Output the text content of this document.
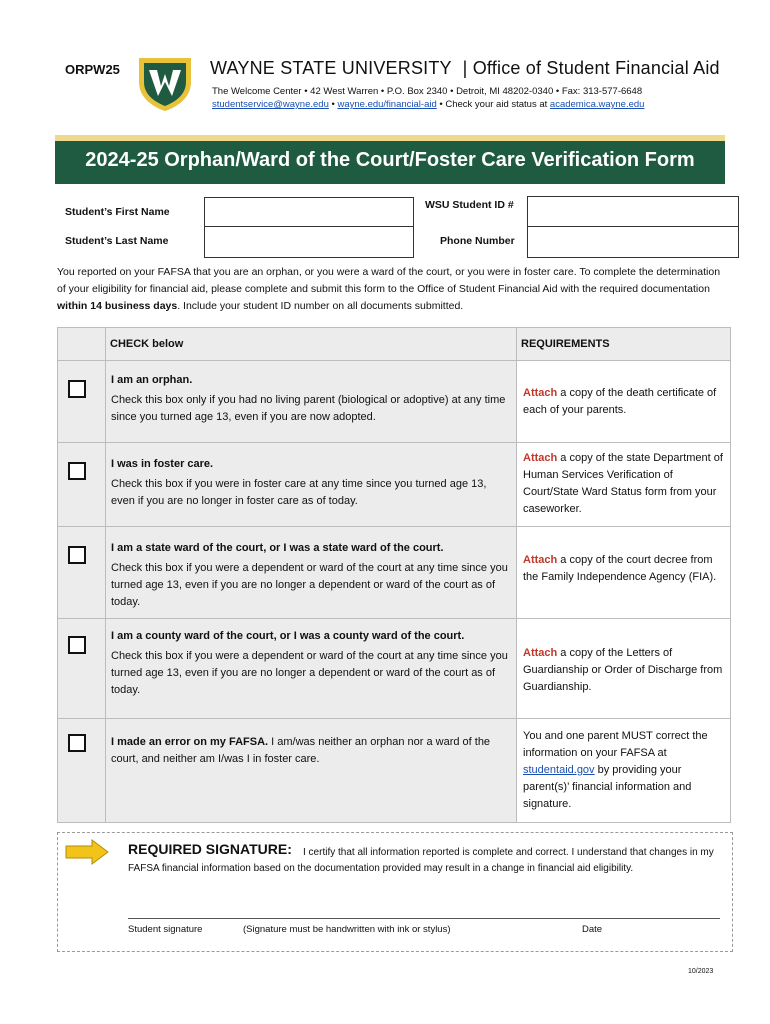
ORPW25	WAYNE STATE UNIVERSITY | Office of Student Financial Aid
The Welcome Center • 42 West Warren • P.O. Box 2340 • Detroit, MI 48202-0340 • Fax: 313-577-6648
studentservice@wayne.edu • wayne.edu/financial-aid • Check your aid status at academica.wayne.edu
2024-25 Orphan/Ward of the Court/Foster Care Verification Form
Student’s First Name
Student’s Last Name
WSU Student ID #
Phone Number
You reported on your FAFSA that you are an orphan, or you were a ward of the court, or you were in foster care. To complete the determination of your eligibility for financial aid, please complete and submit this form to the Office of Student Financial Aid with the required documentation within 14 business days. Include your student ID number on all documents submitted.
	CHECK below	REQUIREMENTS

	I am an orphan.
Check this box only if you had no living parent (biological or adoptive) at any time since you turned age 13, even if you are now adopted.	Attach a copy of the death certificate of each of your parents.

	I was in foster care.
Check this box if you were in foster care at any time since you turned age 13, even if you are no longer in foster care as of today.	Attach a copy of the state Department of Human Services Verification of Court/State Ward Status form from your caseworker.

	I am a state ward of the court, or I was a state ward of the court.
Check this box if you were a dependent or ward of the court at any time since you turned age 13, even if you are no longer a dependent or ward of the court as of today.	Attach a copy of the court decree from the Family Independence Agency (FIA).

	I am a county ward of the court, or I was a county ward of the court.
Check this box if you were a dependent or ward of the court at any time since you turned age 13, even if you are no longer a dependent or ward of the court as of today.	Attach a copy of the Letters of Guardianship or Order of Discharge from Guardianship.

	I made an error on my FAFSA. I am/was neither an orphan nor a ward of the court, and neither am I/was I in foster care.	You and one parent MUST correct the information on your FAFSA at studentaid.gov by providing your parent(s)’ financial information and signature.
REQUIRED SIGNATURE:	I certify that all information reported is complete and correct. I understand that changes in my FAFSA financial information based on the documentation provided may result in a change in financial aid eligibility.
Student signature	(Signature must be handwritten with ink or stylus)	Date
10/2023
